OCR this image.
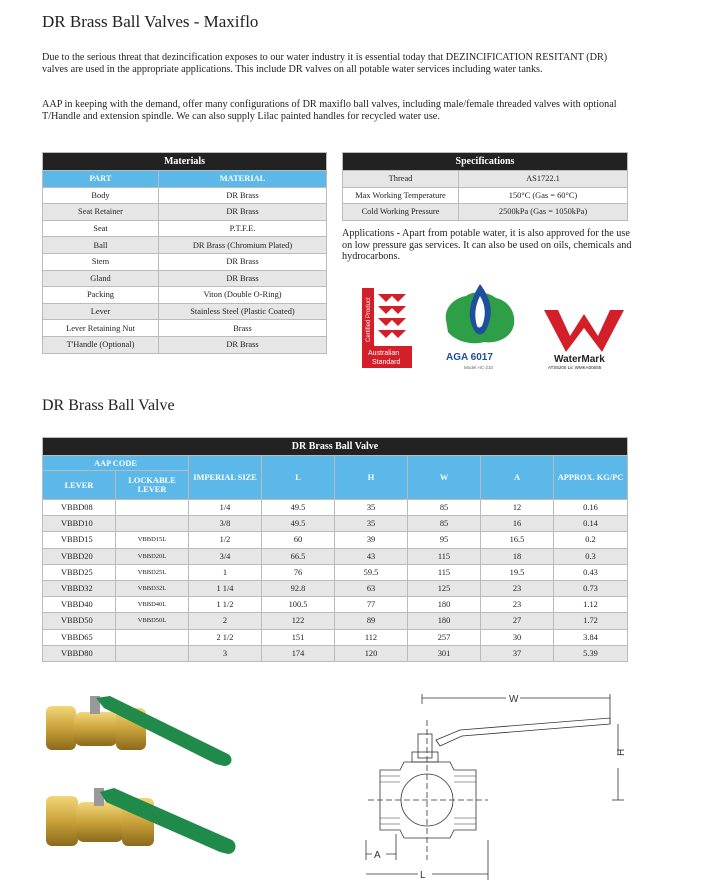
DR Brass Ball Valves - Maxiflo
Due to the serious threat that dezincification exposes to our water industry it is essential today that DEZINCIFICATION RESITANT (DR) valves are used in the appropriate applications. This include DR valves on all potable water services including water tanks.
AAP in keeping with the demand, offer many configurations of DR maxiflo ball valves, including male/female threaded valves with optional T/Handle and extension spindle. We can also supply Lilac painted handles for recycled water use.
Materials	
PART	MATERIAL
Body	DR Brass
Seat Retainer	DR Brass
Seat	P.T.F.E.
Ball	DR Brass (Chromium Plated)
Stem	DR Brass
Gland	DR Brass
Packing	Viton (Double O-Ring)
Lever	Stainless Steel (Plastic Coated)
Lever Retaining Nut	Brass
T'Handle (Optional)	DR Brass
Specifications	
Thread	AS1722.1
Max Working Temperature	150°C (Gas = 60°C)
Cold Working Pressure	2500kPa (Gas = 1050kPa)
Applications - Apart from potable water, it is also approved for the use on low pressure gas services. It can also be used on oils, chemicals and hydrocarbons.
Certified Product
Australian
Standard	AGA 6017
Model HC-210
WaterMark
ATS5200 Lic WMKA00655
DR Brass Ball Valve
DR Brass Ball Valve							
AAP CODE		IMPERIAL SIZE	L	H	W	A	APPROX. KG/PC
LEVER	LOCKABLE LEVER						
VBBD08		1/4	49.5	35	85	12	0.16
VBBD10		3/8	49.5	35	85	16	0.14
VBBD15	VBBD15L	1/2	60	39	95	16.5	0.2
VBBD20	VBBD20L	3/4	66.5	43	115	18	0.3
VBBD25	VBBD25L	1	76	59.5	115	19.5	0.43
VBBD32	VBBD32L	1 1/4	92.8	63	125	23	0.73
VBBD40	VBBD40L	1 1/2	100.5	77	180	23	1.12
VBBD50	VBBD50L	2	122	89	180	27	1.72
VBBD65		2 1/2	151	112	257	30	3.84
VBBD80		3	174	120	301	37	5.39
W
H
A
L
